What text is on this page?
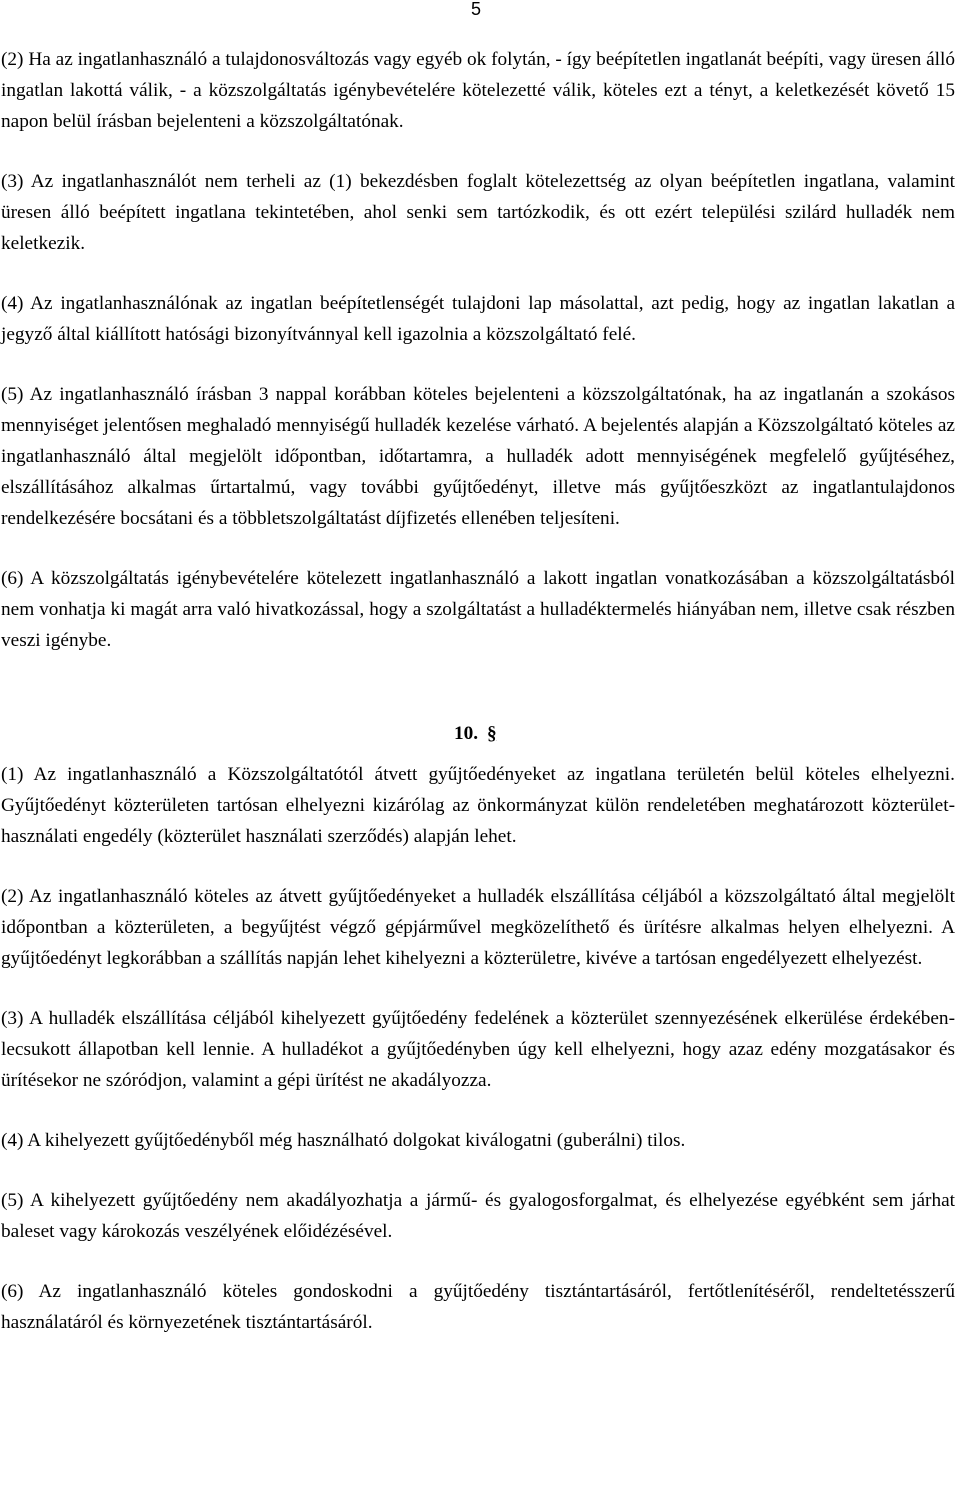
5

(2) Ha az ingatlanhasználó a tulajdonosváltozás vagy egyéb ok folytán, - így beépítetlen ingatlanát beépíti, vagy üresen álló ingatlan lakottá válik, - a közszolgáltatás igénybevételére kötelezetté válik, köteles ezt a tényt, a keletkezését követő 15 napon belül írásban bejelenteni a közszolgáltatónak.

(3) Az ingatlanhasználót nem terheli az (1) bekezdésben foglalt kötelezettség az olyan beépítetlen ingatlana, valamint üresen álló beépített ingatlana tekintetében, ahol senki sem tartózkodik, és ott ezért települési szilárd hulladék nem keletkezik.

(4) Az ingatlanhasználónak az ingatlan beépítetlenségét tulajdoni lap másolattal, azt pedig, hogy az ingatlan lakatlan a jegyző által kiállított hatósági bizonyítvánnyal kell igazolnia a közszolgáltató felé.

(5) Az ingatlanhasználó írásban 3 nappal korábban köteles bejelenteni a közszolgáltatónak, ha az ingatlanán a szokásos mennyiséget jelentősen meghaladó mennyiségű hulladék kezelése várható. A bejelentés alapján a Közszolgáltató köteles az ingatlanhasználó által megjelölt időpontban, időtartamra, a hulladék adott mennyiségének megfelelő gyűjtéséhez, elszállításához alkalmas űrtartalmú, vagy további gyűjtőedényt, illetve más gyűjtőeszközt az ingatlantulajdonos rendelkezésére bocsátani és a többletszolgáltatást díjfizetés ellenében teljesíteni.

(6) A közszolgáltatás igénybevételére kötelezett ingatlanhasználó a lakott ingatlan vonatkozásában a közszolgáltatásból nem vonhatja ki magát arra való hivatkozással, hogy a szolgáltatást a hulladéktermelés hiányában nem, illetve csak részben veszi igénybe.

10. §

(1) Az ingatlanhasználó a Közszolgáltatótól átvett gyűjtőedényeket az ingatlana területén belül köteles elhelyezni. Gyűjtőedényt közterületen tartósan elhelyezni kizárólag az önkormányzat külön rendeletében meghatározott közterület-használati engedély (közterület használati szerződés) alapján lehet.

(2) Az ingatlanhasználó köteles az átvett gyűjtőedényeket a hulladék elszállítása céljából a közszolgáltató által megjelölt időpontban a közterületen, a begyűjtést végző gépjárművel megközelíthető és ürítésre alkalmas helyen elhelyezni. A gyűjtőedényt legkorábban a szállítás napján lehet kihelyezni a közterületre, kivéve a tartósan engedélyezett elhelyezést.

(3) A hulladék elszállítása céljából kihelyezett gyűjtőedény fedelének a közterület szennyezésének elkerülése érdekében- lecsukott állapotban kell lennie. A hulladékot a gyűjtőedényben úgy kell elhelyezni, hogy azaz edény mozgatásakor és ürítésekor ne szóródjon, valamint a gépi ürítést ne akadályozza.

(4) A kihelyezett gyűjtőedényből még használható dolgokat kiválogatni (guberálni) tilos.

(5) A kihelyezett gyűjtőedény nem akadályozhatja a jármű- és gyalogosforgalmat, és elhelyezése egyébként sem járhat baleset vagy károkozás veszélyének előidézésével.

(6) Az ingatlanhasználó köteles gondoskodni a gyűjtőedény tisztántartásáról, fertőtlenítéséről, rendeltetésszerű használatáról és környezetének tisztántartásáról.
